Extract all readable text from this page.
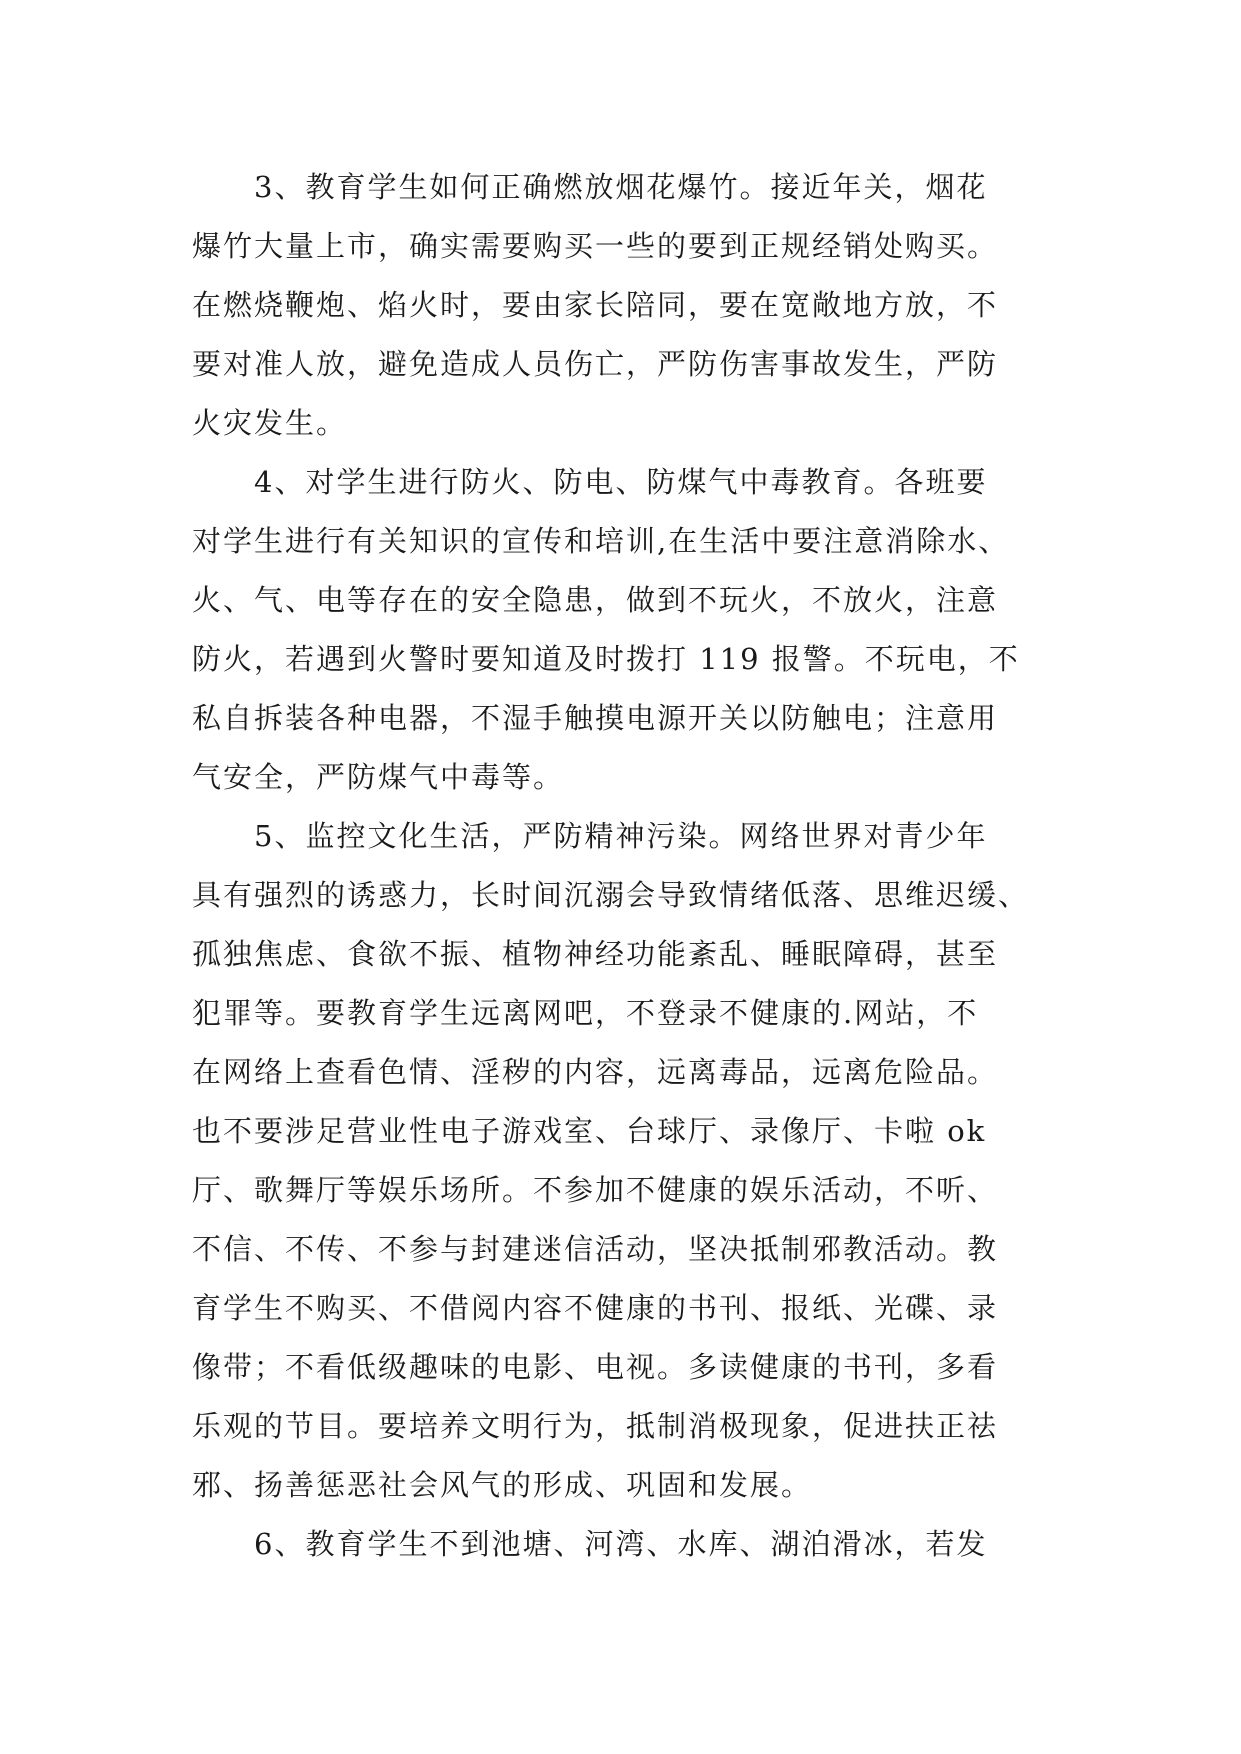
3、教育学生如何正确燃放烟花爆竹。接近年关，烟花
爆竹大量上市，确实需要购买一些的要到正规经销处购买。
在燃烧鞭炮、焰火时，要由家长陪同，要在宽敞地方放，不
要对准人放，避免造成人员伤亡，严防伤害事故发生，严防
火灾发生。
4、对学生进行防火、防电、防煤气中毒教育。各班要
对学生进行有关知识的宣传和培训,在生活中要注意消除水、
火、气、电等存在的安全隐患，做到不玩火，不放火，注意
防火，若遇到火警时要知道及时拨打 119 报警。不玩电，不
私自拆装各种电器，不湿手触摸电源开关以防触电；注意用
气安全，严防煤气中毒等。
5、监控文化生活，严防精神污染。网络世界对青少年
具有强烈的诱惑力，长时间沉溺会导致情绪低落、思维迟缓、
孤独焦虑、食欲不振、植物神经功能紊乱、睡眠障碍，甚至
犯罪等。要教育学生远离网吧，不登录不健康的.网站，不
在网络上查看色情、淫秽的内容，远离毒品，远离危险品。
也不要涉足营业性电子游戏室、台球厅、录像厅、卡啦 ok
厅、歌舞厅等娱乐场所。不参加不健康的娱乐活动，不听、
不信、不传、不参与封建迷信活动，坚决抵制邪教活动。教
育学生不购买、不借阅内容不健康的书刊、报纸、光碟、录
像带；不看低级趣味的电影、电视。多读健康的书刊，多看
乐观的节目。要培养文明行为，抵制消极现象，促进扶正祛
邪、扬善惩恶社会风气的形成、巩固和发展。
6、教育学生不到池塘、河湾、水库、湖泊滑冰，若发
